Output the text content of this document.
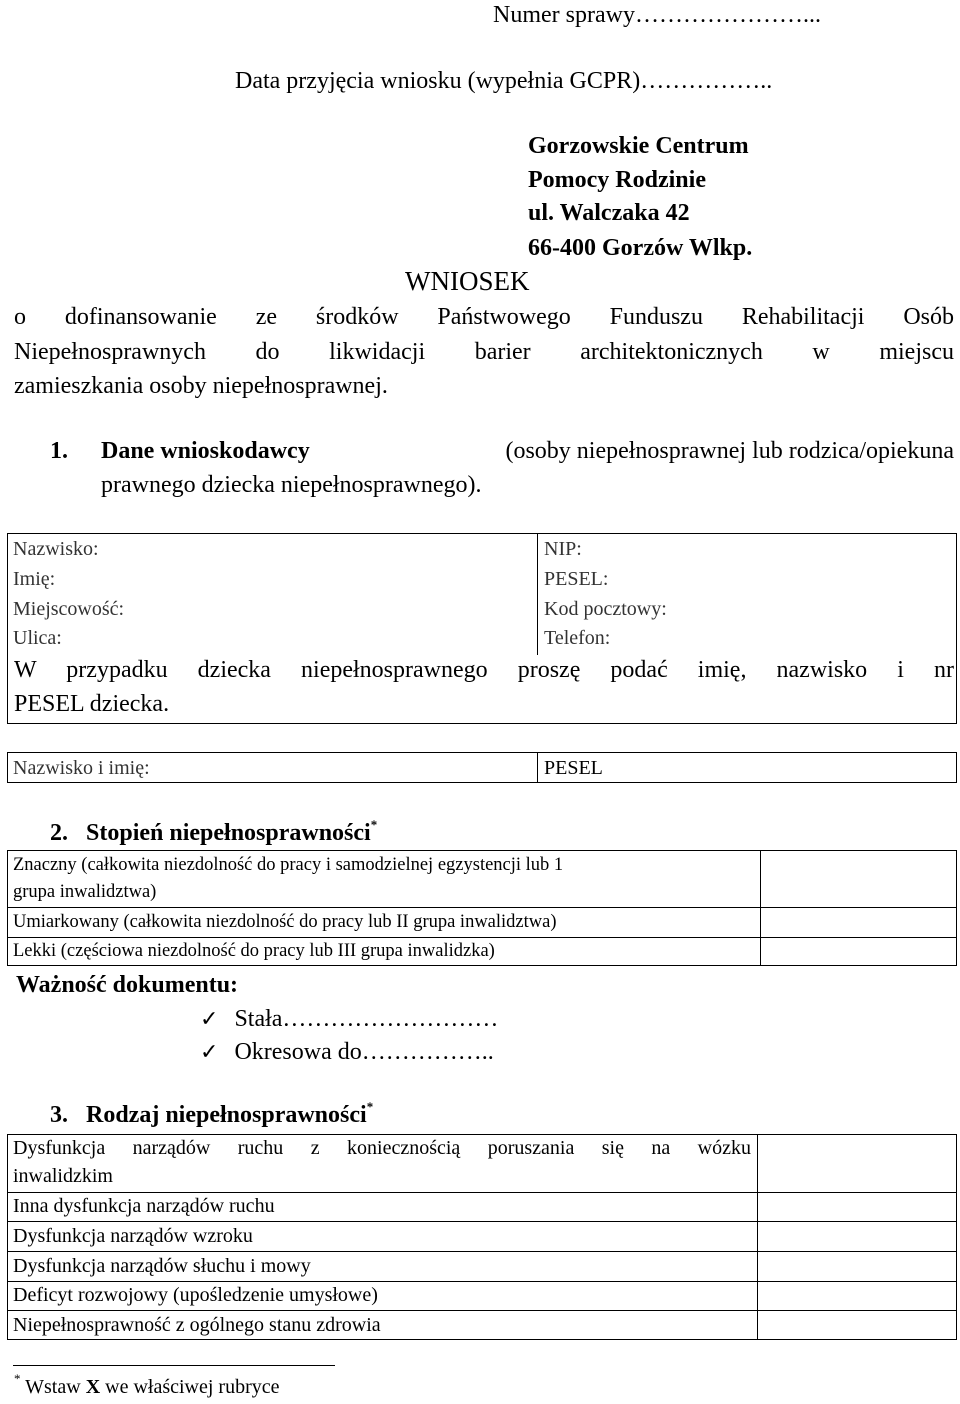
Numer sprawy…………………...
Data przyjęcia wniosku (wypełnia GCPR)……………..
Gorzowskie Centrum
Pomocy Rodzinie
ul. Walczaka 42
66-400 Gorzów Wlkp.
WNIOSEK
o dofinansowanie ze środków Państwowego Funduszu Rehabilitacji Osób
Niepełnosprawnych do likwidacji barier architektonicznych w miejscu
zamieszkania osoby niepełnosprawnej.
1. Dane wnioskodawcy	(osoby niepełnosprawnej lub rodzica/opiekuna
prawnego dziecka niepełnosprawnego).
Nazwisko:
Imię:
Miejscowość:
Ulica:
NIP:
PESEL:
Kod pocztowy:
Telefon:
W przypadku dziecka niepełnosprawnego proszę podać imię, nazwisko i nr
PESEL dziecka.
Nazwisko i imię:	PESEL
2. Stopień niepełnosprawności*
Znaczny (całkowita niezdolność do pracy i samodzielnej egzystencji lub 1
grupa inwalidztwa)
Umiarkowany (całkowita niezdolność do pracy lub II grupa inwalidztwa)
Lekki (częściowa niezdolność do pracy lub III grupa inwalidzka)
Ważność dokumentu:
✓ Stała………………………
✓ Okresowa do……………..
3. Rodzaj niepełnosprawności*
Dysfunkcja narządów ruchu z koniecznością poruszania się na wózku
inwalidzkim
Inna dysfunkcja narządów ruchu
Dysfunkcja narządów wzroku
Dysfunkcja narządów słuchu i mowy
Deficyt rozwojowy (upośledzenie umysłowe)
Niepełnosprawność z ogólnego stanu zdrowia
* Wstaw X we właściwej rubryce
